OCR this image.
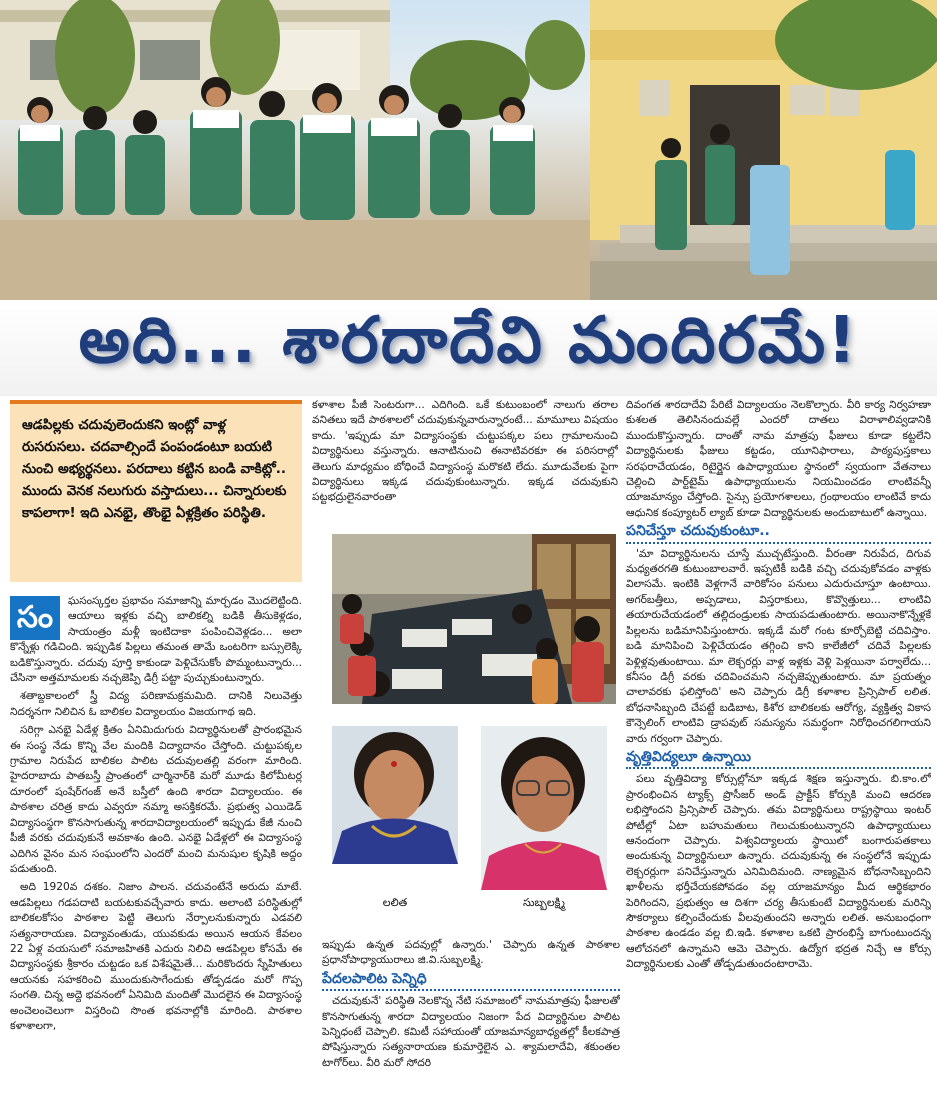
అది... శారదాదేవి మందిరమే!
ఆడపిల్లకు చదువులెందుకని ఇంట్లో వాళ్ల రుసరుసలు. చదవాల్సిందే పంపండంటూ బయటి నుంచి అభ్యర్థనలు. పరదాలు కట్టిన బండి వాకిట్లో.. ముందు వెనక నలుగురు వస్తాదులు... చిన్నారులకు కాపలాగా! ఇది ఎనభై, తొంభై ఏళ్లక్రితం పరిస్థితి.

సం	ఘసంస్కర్తల ప్రభావం సమాజాన్ని మార్చడం మొదలెట్టింది. ఆయాలు ఇళ్లకు వచ్చి బాలికల్ని బడికి తీసుకెళ్లడం, సాయంత్రం మళ్లీ ఇంటిదాకా పంపించివెళ్లడం... అలా కొన్నేళ్లు గడిచింది. ఇప్పుడిక పిల్లలు తమంత తామే ఒంటరిగా బస్సులెక్కి బడికొస్తున్నారు. చదువు పూర్తి కాకుండా పెళ్లిచేసుకోం పొమ్మంటున్నారు... చేసినా అత్తమామలకు నచ్చజెప్పి డిగ్రీ పట్టా పుచ్చుకుంటున్నారు.

శతాబ్దకాలంలో స్త్రీ విద్య పరిణామక్రమమిది. దానికి నిలువెత్తు నిదర్శనగా నిలిచిన ఓ బాలికల విద్యాలయం విజయగాథ ఇది.

సరిగ్గా ఎనభై ఏడేళ్ల క్రితం ఏనిమిదుగురు విద్యార్థినులతో ప్రారంభమైన ఈ సంస్థ నేడు కొన్ని వేల మందికి విద్యాదానం చేస్తోంది. చుట్టుపక్కల గ్రామాల నిరుపేద బాలికల పాలిట చదువులతల్లి వరంగా మారింది. హైదరాబాదు పాతబస్తీ ప్రాంతంలో చార్మినార్‌కి మరో మూడు కిలోమీటర్ల దూరంలో షంషేర్‌గంజ్ అనే బస్తీలో ఉంది శారదా విద్యాలయం. ఈ పాఠశాల చరిత్ర కాదు ఎవ్వరూ నమ్మా అసక్తికరమే. ప్రభుత్వ ఎయిడెడ్ విద్యాసంస్థగా కొనసాగుతున్న శారదావిద్యాలయంలో ఇప్పుడు కేజీ నుంచి పీజీ వరకు చదువుకునే అవకాశం ఉంది. ఎనభై ఏడేళ్లలో ఈ విద్యాసంస్థ ఎదిగిన వైనం మన సంఘంలోని ఎందరో మంచి మనుషుల కృషికి అద్దం పడుతుంది.

అది 1920వ దశకం. నిజాం పాలన. చదువంటేనే అరుదు మాటే. ఆడపిల్లలు గడపదాటి బయటకువచ్చేవారు కాదు. అలాంటి పరిస్థితుల్లో బాలికలకోసం పాఠశాల పెట్టి తెలుగు నేర్పాలనుకున్నారు ఎడవలి సత్యనారాయణ. విద్యావంతుడు, యువకుడు అయిన ఆయన కేవలం 22 ఏళ్ల వయసులో సమాజహితకి ఎదురు నిలిచి ఆడపిల్లల కోసమే ఈ విద్యాసంస్థకు శ్రీకారం చుట్టడం ఒక విశేషమైతే... మరికొందరు స్నేహితులు ఆయనకు సహకరించి ముందుకుసాగేందుకు తోడ్పడడం మరో గొప్ప సంగతి. చిన్న అద్దె భవనంలో ఏనిమిది మందితో మొదలైన ఈ విద్యాసంస్థ అంచెలంచెలుగా విస్తరించి సొంత భవనాల్లోకి మారింది. పాఠశాల కళాశాలగా,

కళాశాల పీజీ సెంటరుగా... ఎదిగింది. ఒకే కుటుంబంలో నాలుగు తరాల వనితలు ఇదే పాఠశాలలో చదువుకున్నవారున్నారంటే... మామూలు విషయం కాదు. 'ఇప్పుడు మా విద్యాసంస్థకు చుట్టుపక్కల పలు గ్రామాలనుంచి విద్యార్థినులు వస్తున్నారు. ఆనాటినుంచి ఈనాటివరకూ ఈ పరిసరాల్లో తెలుగు మాధ్యమం బోధించే విద్యాసంస్థ మరొకటి లేదు. మూడువేలకు పైగా విద్యార్థినులు ఇక్కడ చదువుకుంటున్నారు. ఇక్కడ చదువుకుని పట్టభద్రులైనవారంతా

లలిత	సుబ్బలక్ష్మి

ఇప్పుడు ఉన్నత పదవుల్లో ఉన్నారు.' చెప్పారు ఉన్నత పాఠశాల ప్రధానోపాధ్యాయురాలు జి.వి.సుబ్బలక్ష్మి.

పేదలపాలిట పెన్నిధి

చదువుకునే' పరిస్థితి నెలకొన్న నేటి సమాజంలో నామమాత్రపు ఫీజులతో కొనసాగుతున్న శారదా విద్యాలయం నిజంగా పేద విద్యార్థినుల పాలిట పెన్నిధంటే చెప్పాలి. కమిటీ సహాయంతో యాజమాన్యబాధ్యతల్లో కీలకపాత్ర పోషిస్తున్నారు సత్యనారాయణ కుమార్తెలైన ఎ. శ్యామలాదేవి, శకుంతల టాగోర్‌లు. వీరి మరో సోదరి

దివంగత శారదాదేవి పేరిటే విద్యాలయం నెలకొల్పారు. వీరి కార్య నిర్వహణా కుశలత తెలిసినందువల్లే ఎందరో దాతలు విరాళాలివ్వడానికి ముందుకొస్తున్నారు. దాంతో నామ మాత్రపు ఫీజులు కూడా కట్టలేని విద్యార్థినులకు ఫీజులు కట్టడం, యూనిఫారాలు, పాఠ్యపుస్తకాలు సరఫరాచేయడం, రిటైర్డైన ఉపాధ్యాయుల స్థానంలో స్వయంగా వేతనాలు చెల్లించి పార్ట్‌టైమ్ ఉపాధ్యాయులను నియమించడం లాంటివన్నీ యాజమాన్యం చేస్తోంది. సైన్సు ప్రయోగశాలలు, గ్రంథాలయం లాంటివే కాదు ఆధునిక కంప్యూటర్ ల్యాబ్ కూడా విద్యార్థినులకు అందుబాటులో ఉన్నాయి.

పనిచేస్తూ చదువుకుంటూ..

'మా విద్యార్థినులను చూస్తే ముచ్చటేస్తుంది. వీరంతా నిరుపేద, దిగువ మధ్యతరగతి కుటుంబాలవారే. ఇప్పటికీ బడికి వచ్చి చదువుకోవడం వాళ్లకు విలాసమే. ఇంటికి వెళ్లగానే వారికోసం పనులు ఎదురుచూస్తూ ఉంటాయి. అగర్‌బత్తీలు, అప్పడాలు, విస్తరాకులు, కొవ్వొత్తులు... లాంటివి తయారుచేయడంలో తల్లిదండ్రులకు సాయపడుతుంటారు. అయినాకొన్నేళ్లకే పిల్లలను బడిమానిపిస్తుంటారు. ఇక్కడే మరో గంట కూర్చోబెట్టి చదివిస్తాం. బడి మానిపించి పెళ్లిచేయడం తగ్గించి కాని కాలేజీలో చదివే పిల్లలకు పెళ్లిళ్లవుతుంటాయి. మా లెక్చరర్లు వాళ్ల ఇళ్లకు వెళ్లి పెళ్లయినా పర్వాలేదు... కనీసం డిగ్రీ వరకు చదివించమని నచ్చజెప్పుతుంటారు. మా ప్రయత్నం చాలావరకు ఫలిస్తోంది' అని చెప్పారు డిగ్రీ కళాశాల ప్రిన్సిపాల్ లలిత. బోధనాసిబ్బంది చేపట్టే బడిబాట, కిశోర బాలికలకు ఆరోగ్య, వ్యక్తిత్వ వికాస కౌన్సెలింగ్ లాంటివి డ్రాపవుట్ సమస్యను సమర్థంగా నిరోధించగలిగాయని వారు గర్వంగా చెప్పారు.

వృత్తివిద్యలూ ఉన్నాయి

పలు వృత్తివిద్యా కోర్సుల్లోనూ ఇక్కడ శిక్షణ ఇస్తున్నారు. బి.కాం.లో ప్రారంభించిన ట్యాక్స్ ప్రొసీజర్ అండ్ ప్రాక్టీస్ కోర్సుకి మంచి ఆదరణ లభిస్తోందని ప్రిన్సిపాల్ చెప్పారు. తమ విద్యార్థినులు రాష్ట్రస్థాయి ఇంటర్ పోటీల్లో ఏటా బహుమతులు గెలుచుకుంటున్నారని ఉపాధ్యాయులు ఆనందంగా చెప్పారు. విశ్వవిద్యాలయ స్థాయిలో బంగారుపతకాలు అందుకున్న విద్యార్థినులూ ఉన్నారు. చదువుకున్న ఈ సంస్థలోనే ఇప్పుడు లెక్చరర్లుగా పనిచేస్తున్నారు ఎనిమిదిమంది. నాణ్యమైన బోధనాసిబ్బందిని ఖాళీలను భర్తీచేయకపోవడం వల్ల యాజమాన్యం మీద ఆర్థికభారం పెరిగిందని, ప్రభుత్వం ఆ దిశగా చర్య తీసుకుంటే విద్యార్థినులకు మరిన్ని సౌకర్యాలు కల్పించేందుకు వీలవుతుందని అన్నారు లలిత. అనుబంధంగా పాఠశాల ఉండడం వల్ల బి.ఇడి. కళాశాల ఒకటి ప్రారంభిస్తే బాగుంటుందన్న ఆలోచనలో ఉన్నామని ఆమె చెప్పారు. ఉద్యోగ భద్రత నిచ్చే ఆ కోర్సు విద్యార్థినులకు ఎంతో తోడ్పడుతుందంటారామె.
